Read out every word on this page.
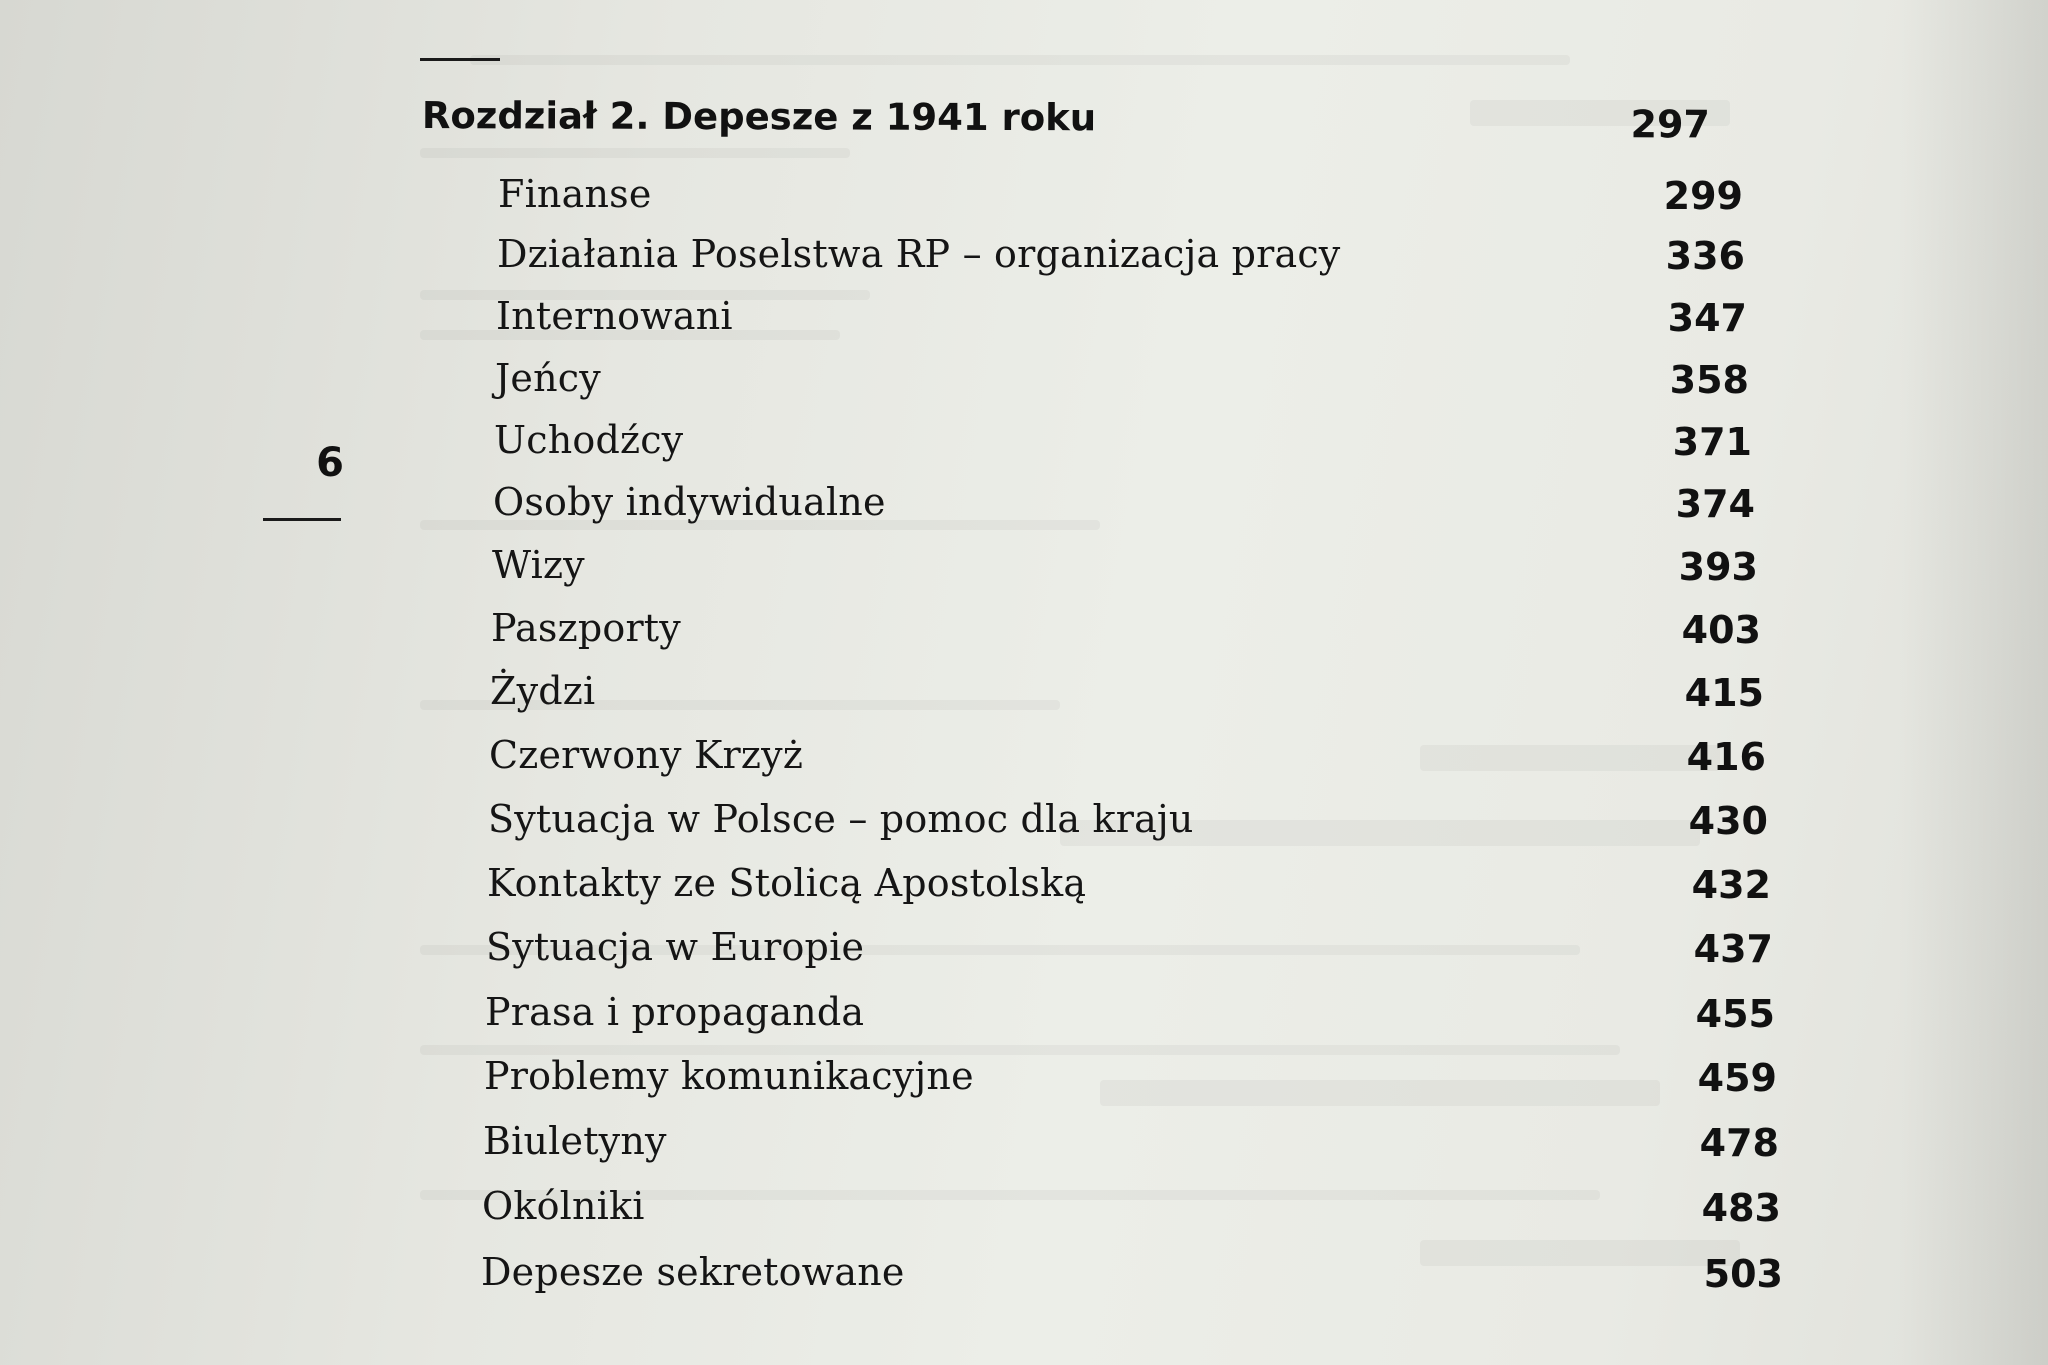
Rozdział 2. Depesze z 1941 roku	297
6
Finanse	299
Działania Poselstwa RP – organizacja pracy	336
Internowani	347
Jeńcy	358
Uchodźcy	371
Osoby indywidualne	374
Wizy	393
Paszporty	403
Żydzi	415
Czerwony Krzyż	416
Sytuacja w Polsce – pomoc dla kraju	430
Kontakty ze Stolicą Apostolską	432
Sytuacja w Europie	437
Prasa i propaganda	455
Problemy komunikacyjne	459
Biuletyny	478
Okólniki	483
Depesze sekretowane	503
